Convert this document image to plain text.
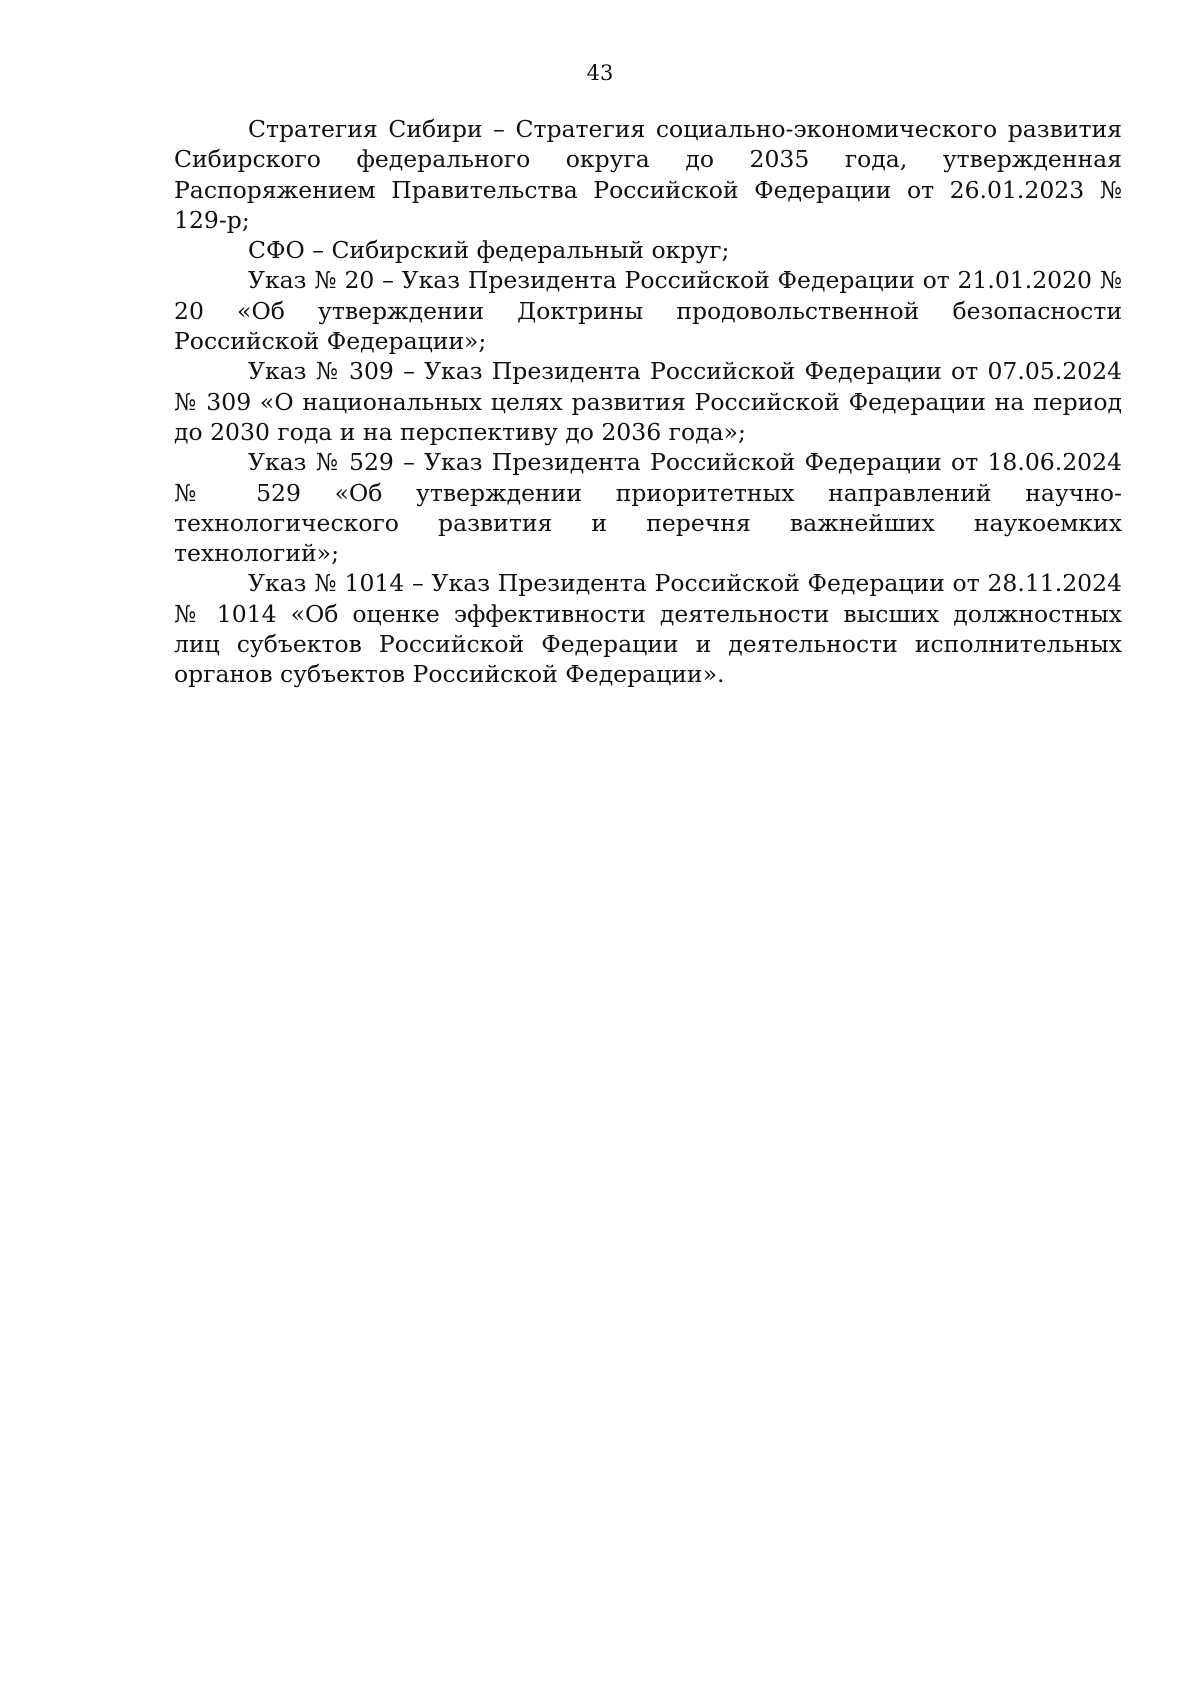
43

Стратегия Сибири – Стратегия социально-экономического развития Сибирского федерального округа до 2035 года, утвержденная Распоряжением Правительства Российской Федерации от 26.01.2023 № 129-р;

СФО – Сибирский федеральный округ;

Указ № 20 – Указ Президента Российской Федерации от 21.01.2020 № 20 «Об утверждении Доктрины продовольственной безопасности Российской Федерации»;

Указ № 309 – Указ Президента Российской Федерации от 07.05.2024 № 309 «О национальных целях развития Российской Федерации на период до 2030 года и на перспективу до 2036 года»;

Указ № 529 – Указ Президента Российской Федерации от 18.06.2024 № 529 «Об утверждении приоритетных направлений научно-технологического развития и перечня важнейших наукоемких технологий»;

Указ № 1014 – Указ Президента Российской Федерации от 28.11.2024 № 1014 «Об оценке эффективности деятельности высших должностных лиц субъектов Российской Федерации и деятельности исполнительных органов субъектов Российской Федерации».
